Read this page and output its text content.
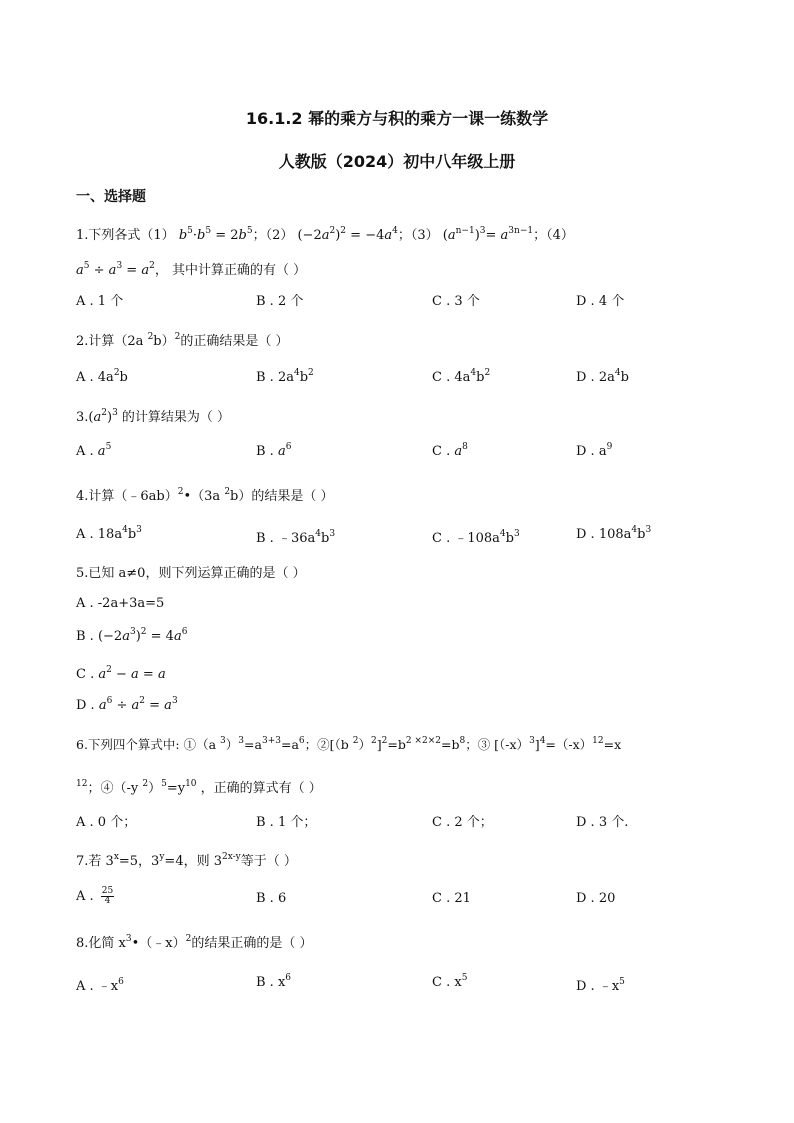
16.1.2 幂的乘方与积的乘方一课一练数学
人教版（2024）初中八年级上册
一、选择题
1.下列各式（1） $b^5\cdot b^5 = 2b^5$；（2） $(-2a^2)^2 = -4a^4$；（3） $(a^{n-1})^3= a^{3n-1}$；（4）
$a^5 \div a^3 = a^2$， 其中计算正确的有（ ）
A . 1 个	B . 2 个	C . 3 个	D . 4 个
2.计算（2a $^2$b）$^2$的正确结果是（ ）
A . $4a^2b$	B . $2a^4b^2$	C . $4a^4b^2$	D . $2a^4b$
$3.(a^2)^3$ 的计算结果为（ ）
A . $a^5$	B . $a^6$	C . $a^8$	D . $a^9$
4.计算（﹣6ab）$^2$•（3a $^2$b）的结果是（ ）
A . $18a^4b^3$
B . $﹣36a^4b^3$	C . $﹣108a^4b^3$	D . $108a^4b^3$
5.已知 a≠0，则下列运算正确的是（ ）
A . -2a+3a=5
B . $(-2a^3)^2 = 4a^6$
C . $a^2 - a = a$
D . $a^6 \div a^2 = a^3$
6.下列四个算式中: ①（a $^3)^3=a^{3+3}=a^6$；②[（b $^2)^2]^2=b^{2 \times 2\times 2}=b^8$；③ $[(-x)^3]^4=(-x)^{12}=x$
$^{12}$；④（-y $^2)^5=y^{10}$ ，正确的算式有（ ）
A . 0 个；	B . 1 个；	C . 2 个；	D . 3 个.
7.若 $3^x=5$，$3^y=4$，则 $3^{2x-y}$等于（ ）
A . $\frac{25}{4}$	B . 6	C . 21	D . 20
8.化简 $x^3•(﹣x)^2$的结果正确的是（ ）
A . $﹣x^6$	B . $x^6$	C . $x^5$
D . $﹣x^5$
